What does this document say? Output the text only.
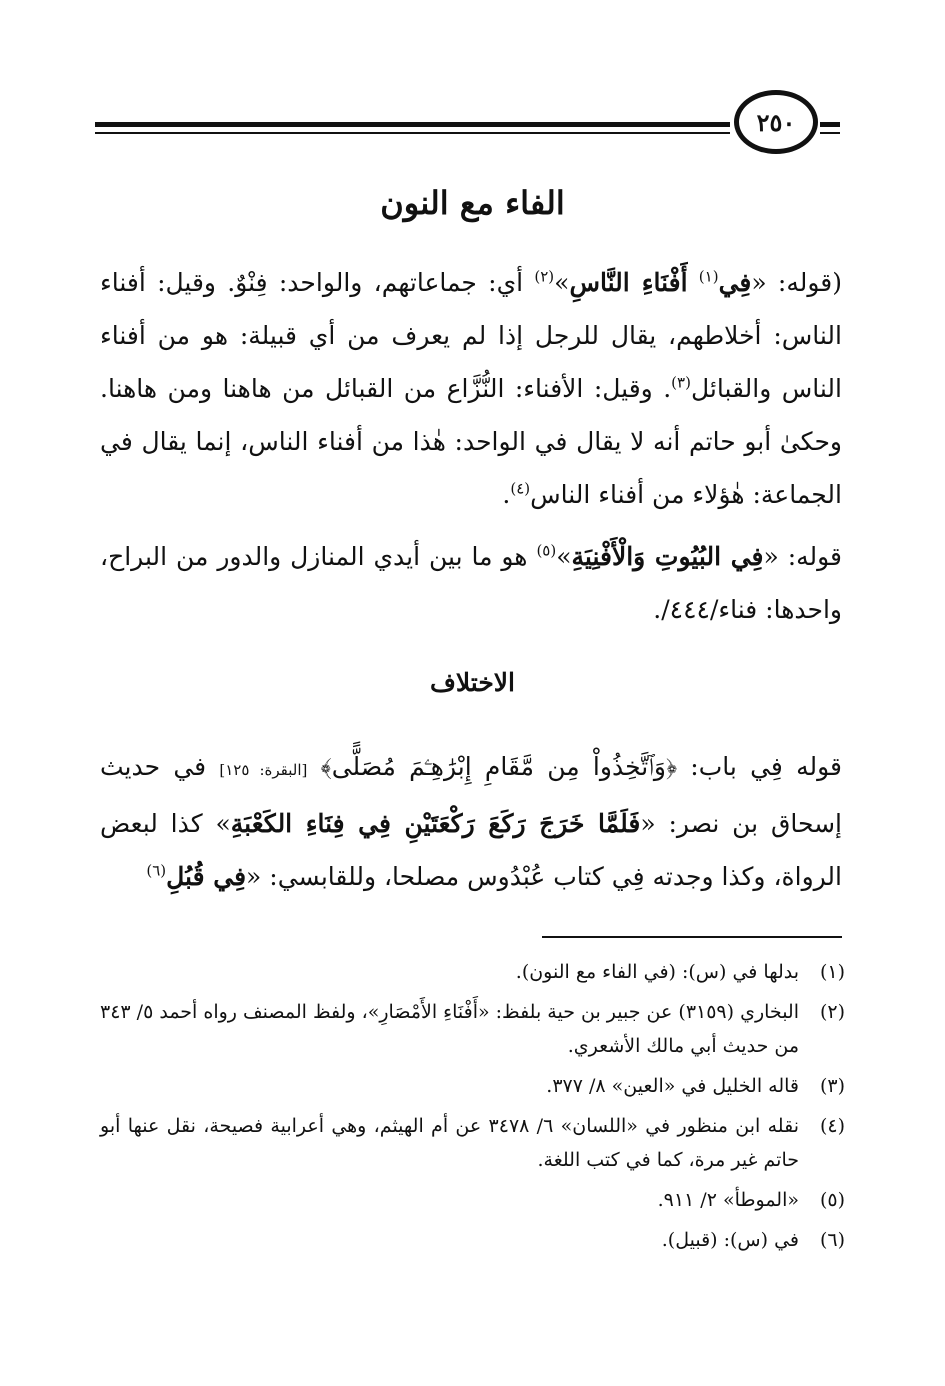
٢٥٠
الفاء مع النون
(قوله: «فِي$^{(١)}$ أَفْنَاءِ النَّاسِ»$^{(٢)}$ أي: جماعاتهم، والواحد: فِنْوٌ. وقيل: أفناء الناس: أخلاطهم، يقال للرجل إذا لم يعرف من أي قبيلة: هو من أفناء الناس والقبائل$^{(٣)}$. وقيل: الأفناء: النُّزَّاع من القبائل من هاهنا ومن هاهنا. وحكىٰ أبو حاتم أنه لا يقال في الواحد: هٰذا من أفناء الناس، إنما يقال في الجماعة: هٰؤلاء من أفناء الناس$^{(٤)}$.
قوله: «فِي البُيُوتِ وَالْأَفْنِيَةِ»$^{(٥)}$ هو ما بين أيدي المنازل والدور من البراح، واحدها: فناء/٤٤٤/.
الاختلاف
قوله فِي باب: ﴿وَٱتَّخِذُواْ مِن مَّقَامِ إِبْرَٰهِـۧمَ مُصَلًّى﴾ [البقرة: ١٢٥] في حديث إسحاق بن نصر: «فَلَمَّا خَرَجَ رَكَعَ رَكْعَتَيْنِ فِي فِنَاءِ الكَعْبَةِ» كذا لبعض الرواة، وكذا وجدته فِي كتاب عُبْدُوس مصلحا، وللقابسي: «فِي قُبُلِ$^{(٦)}$
(١)
بدلها في (س): (في الفاء مع النون).
(٢)
البخاري (٣١٥٩) عن جبير بن حية بلفظ: «أَفْنَاءِ الأَمْصَارِ»، ولفظ المصنف رواه أحمد ٥/ ٣٤٣ من حديث أبي مالك الأشعري.
(٣)
قاله الخليل في «العين» ٨/ ٣٧٧.
(٤)
نقله ابن منظور في «اللسان» ٦/ ٣٤٧٨ عن أم الهيثم، وهي أعرابية فصيحة، نقل عنها أبو حاتم غير مرة، كما في كتب اللغة.
(٥)
«الموطأ» ٢/ ٩١١.
(٦)
في (س): (قبيل).
